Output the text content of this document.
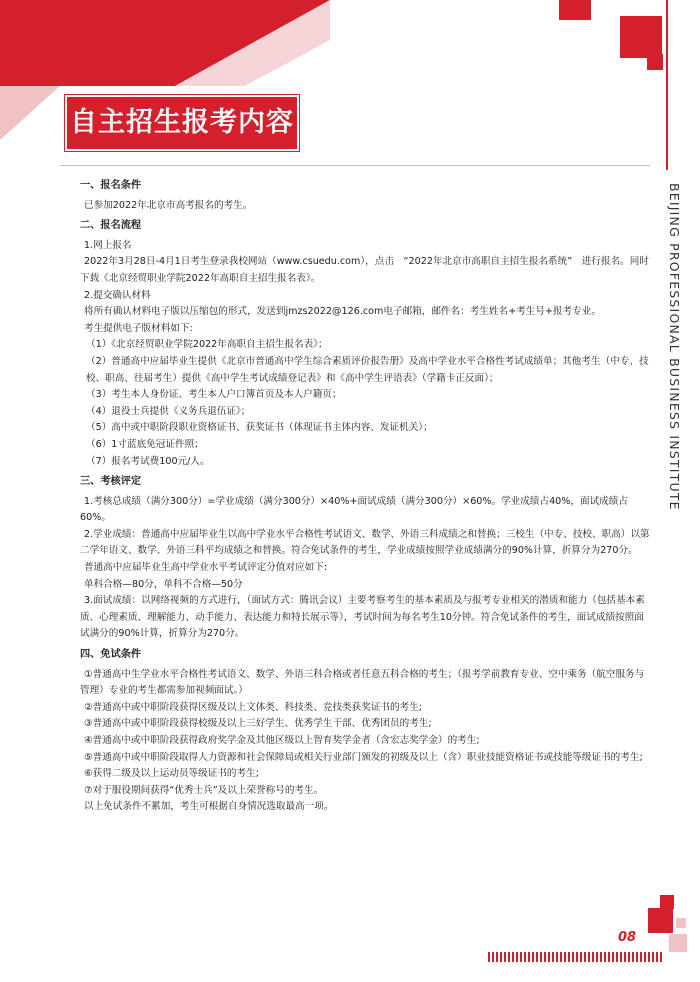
自主招生报考内容
BEIJING PROFESSIONAL BUSINESS INSTITUTE

一、报名条件

已参加2022年北京市高考报名的考生。

二、报名流程

1.网上报名

2022年3月28日-4月1日考生登录我校网站（www.csuedu.com），点击　“2022年北京市高职自主招生报名系统”　进行报名。同时下载《北京经贸职业学院2022年高职自主招生报名表》。

2.提交确认材料

将所有确认材料电子版以压缩包的形式，发送到jmzs2022@126.com电子邮箱，邮件名：考生姓名+考生号+报考专业。

考生提供电子版材料如下:

（1）《北京经贸职业学院2022年高职自主招生报名表》；

（2）普通高中应届毕业生提供《北京市普通高中学生综合素质评价报告册》及高中学业水平合格性考试成绩单；其他考生（中专、技校、职高、往届考生）提供《高中学生考试成绩登记表》和《高中学生评语表》（学籍卡正反面）；

（3）考生本人身份证、考生本人户口簿首页及本人户籍页；

（4）退役士兵提供《义务兵退伍证》；

（5）高中或中职阶段职业资格证书、获奖证书（体现证书主体内容、发证机关）；

（6）1寸蓝底免冠证件照；

（7）报名考试费100元/人。

三、考核评定

1.考核总成绩（满分300分）=学业成绩（满分300分）×40%+面试成绩（满分300分）×60%。学业成绩占40%，面试成绩占60%。

2.学业成绩：普通高中应届毕业生以高中学业水平合格性考试语文、数学、外语三科成绩之和替换；三校生（中专、技校、职高）以第二学年语文、数学、外语三科平均成绩之和替换。符合免试条件的考生，学业成绩按照学业成绩满分的90%计算，折算分为270分。

普通高中应届毕业生高中学业水平考试评定分值对应如下:

单科合格—80分，单科不合格—50分

3.面试成绩：以网络视频的方式进行，（面试方式：腾讯会议）主要考察考生的基本素质及与报考专业相关的潜质和能力（包括基本素质、心理素质、理解能力、动手能力、表达能力和特长展示等），考试时间为每名考生10分钟。符合免试条件的考生，面试成绩按照面试满分的90%计算，折算分为270分。

四、免试条件

①普通高中生学业水平合格性考试语文、数学、外语三科合格或者任意五科合格的考生；（报考学前教育专业、空中乘务（航空服务与管理）专业的考生都需参加视频面试。）

②普通高中或中职阶段获得区级及以上文体类、科技类、竞技类获奖证书的考生;

③普通高中或中职阶段获得校级及以上三好学生、优秀学生干部、优秀团员的考生;

④普通高中或中职阶段获得政府奖学金及其他区级以上智育奖学金者（含宏志奖学金）的考生;

⑤普通高中或中职阶段取得人力资源和社会保障局或相关行业部门颁发的初级及以上（含）职业技能资格证书或技能等级证书的考生;

⑥获得二级及以上运动员等级证书的考生;

⑦对于服役期间获得“优秀士兵”及以上荣誉称号的考生。

以上免试条件不累加，考生可根据自身情况选取最高一项。

08
